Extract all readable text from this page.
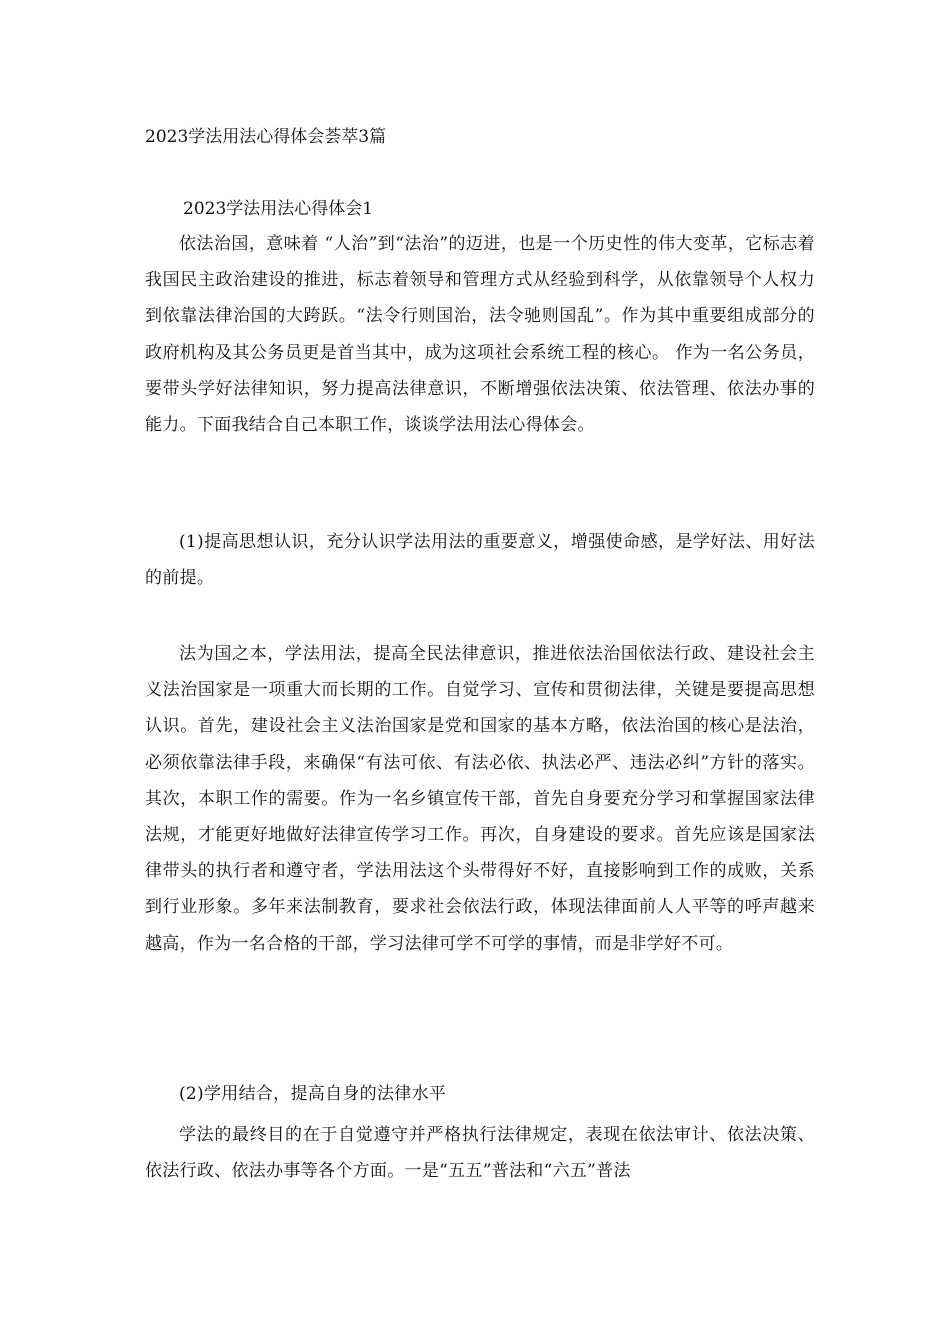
2023学法用法心得体会荟萃3篇
2023学法用法心得体会1

依法治国，意味着 “人治”到“法治”的迈进，也是一个历史性的伟大变革，它标志着我国民主政治建设的推进，标志着领导和管理方式从经验到科学，从依靠领导个人权力到依靠法律治国的大跨跃。“法令行则国治，法令驰则国乱”。作为其中重要组成部分的政府机构及其公务员更是首当其中，成为这项社会系统工程的核心。 作为一名公务员，要带头学好法律知识，努力提高法律意识，不断增强依法决策、依法管理、依法办事的能力。下面我结合自己本职工作，谈谈学法用法心得体会。

(1)提高思想认识，充分认识学法用法的重要意义，增强使命感，是学好法、用好法的前提。

法为国之本，学法用法，提高全民法律意识，推进依法治国依法行政、建设社会主义法治国家是一项重大而长期的工作。自觉学习、宣传和贯彻法律，关键是要提高思想认识。首先，建设社会主义法治国家是党和国家的基本方略，依法治国的核心是法治，必须依靠法律手段，来确保“有法可依、有法必依、执法必严、违法必纠”方针的落实。其次，本职工作的需要。作为一名乡镇宣传干部，首先自身要充分学习和掌握国家法律法规，才能更好地做好法律宣传学习工作。再次，自身建设的要求。首先应该是国家法律带头的执行者和遵守者，学法用法这个头带得好不好，直接影响到工作的成败，关系到行业形象。多年来法制教育，要求社会依法行政，体现法律面前人人平等的呼声越来越高，作为一名合格的干部，学习法律可学不可学的事情，而是非学好不可。

(2)学用结合，提高自身的法律水平

学法的最终目的在于自觉遵守并严格执行法律规定，表现在依法审计、依法决策、依法行政、依法办事等各个方面。一是“五五”普法和“六五”普法
